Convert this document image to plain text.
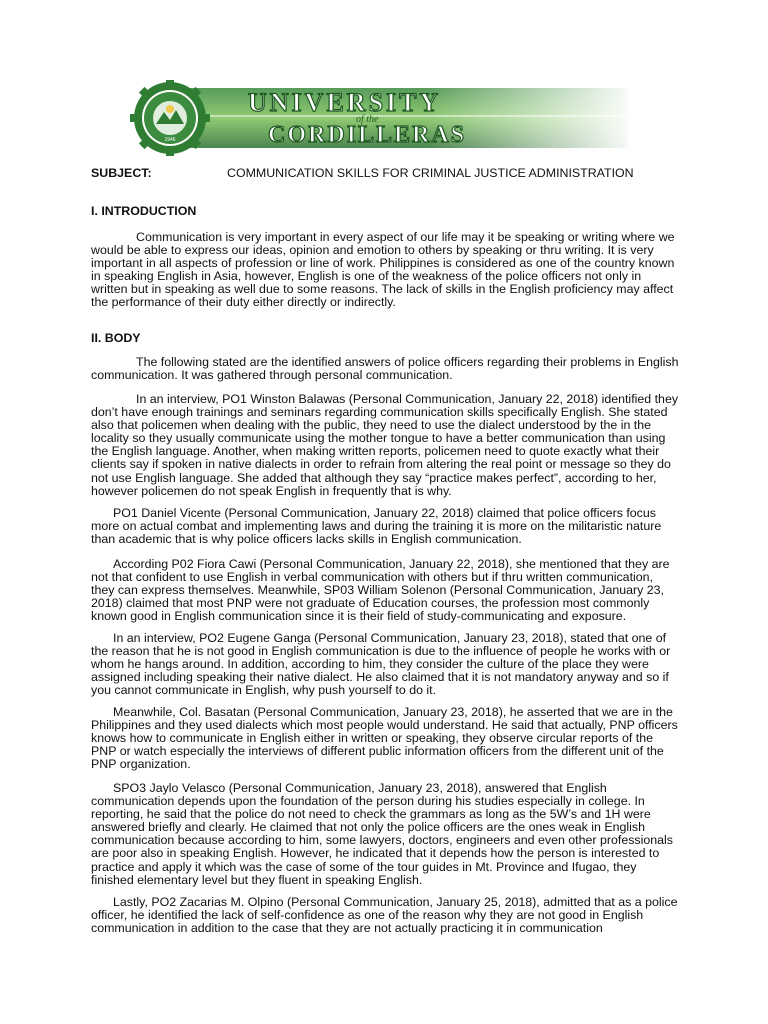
1946
UNIVERSITY
of the
CORDILLERAS
SUBJECT:	COMMUNICATION SKILLS FOR CRIMINAL JUSTICE ADMINISTRATION
I. INTRODUCTION

Communication is very important in every aspect of our life may it be speaking or writing where we would be able to express our ideas, opinion and emotion to others by speaking or thru writing. It is very important in all aspects of profession or line of work. Philippines is considered as one of the country known in speaking English in Asia, however, English is one of the weakness of the police officers not only in written but in speaking as well due to some reasons. The lack of skills in the English proficiency may affect the performance of their duty either directly or indirectly.

II. BODY

The following stated are the identified answers of police officers regarding their problems in English communication. It was gathered through personal communication.

In an interview, PO1 Winston Balawas (Personal Communication, January 22, 2018) identified they don’t have enough trainings and seminars regarding communication skills specifically English. She stated also that policemen when dealing with the public, they need to use the dialect understood by the in the locality so they usually communicate using the mother tongue to have a better communication than using the English language. Another, when making written reports, policemen need to quote exactly what their clients say if spoken in native dialects in order to refrain from altering the real point or message so they do not use English language. She added that although they say “practice makes perfect”, according to her, however policemen do not speak English in frequently that is why.

PO1 Daniel Vicente (Personal Communication, January 22, 2018) claimed that police officers focus more on actual combat and implementing laws and during the training it is more on the militaristic nature than academic that is why police officers lacks skills in English communication.

According P02 Fiora Cawi (Personal Communication, January 22, 2018), she mentioned that they are not that confident to use English in verbal communication with others but if thru written communication, they can express themselves. Meanwhile, SP03 William Solenon (Personal Communication, January 23, 2018) claimed that most PNP were not graduate of Education courses, the profession most commonly known good in English communication since it is their field of study-communicating and exposure.

In an interview, PO2 Eugene Ganga (Personal Communication, January 23, 2018), stated that one of the reason that he is not good in English communication is due to the influence of people he works with or whom he hangs around. In addition, according to him, they consider the culture of the place they were assigned including speaking their native dialect. He also claimed that it is not mandatory anyway and so if you cannot communicate in English, why push yourself to do it.

Meanwhile, Col. Basatan (Personal Communication, January 23, 2018), he asserted that we are in the Philippines and they used dialects which most people would understand. He said that actually, PNP officers knows how to communicate in English either in written or speaking, they observe circular reports of the PNP or watch especially the interviews of different public information officers from the different unit of the PNP organization.

SPO3 Jaylo Velasco (Personal Communication, January 23, 2018), answered that English communication depends upon the foundation of the person during his studies especially in college. In reporting, he said that the police do not need to check the grammars as long as the 5W’s and 1H were answered briefly and clearly. He claimed that not only the police officers are the ones weak in English communication because according to him, some lawyers, doctors, engineers and even other professionals are poor also in speaking English. However, he indicated that it depends how the person is interested to practice and apply it which was the case of some of the tour guides in Mt. Province and Ifugao, they finished elementary level but they fluent in speaking English.

Lastly, PO2 Zacarias M. Olpino (Personal Communication, January 25, 2018), admitted that as a police officer, he identified the lack of self-confidence as one of the reason why they are not good in English communication in addition to the case that they are not actually practicing it in communication
